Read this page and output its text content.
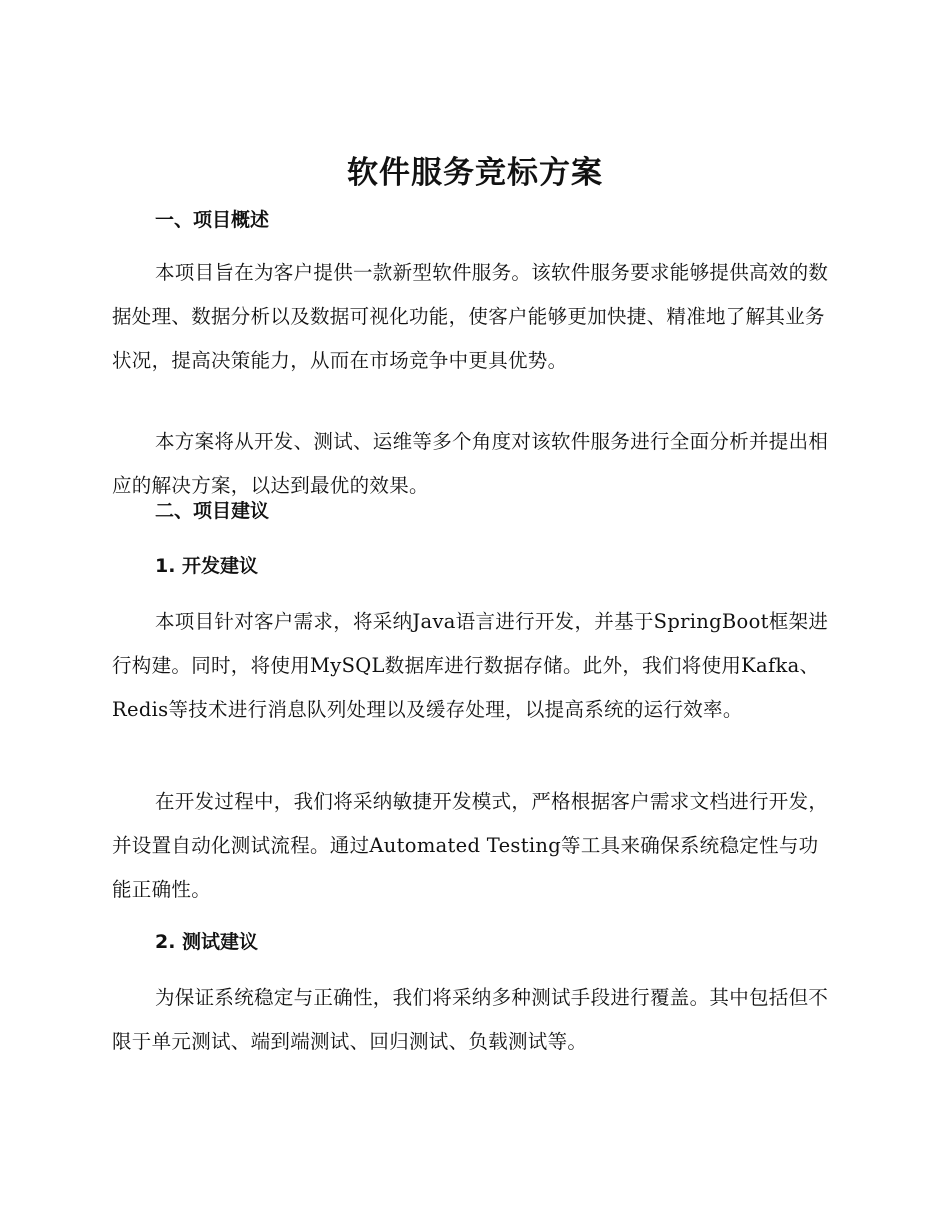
软件服务竞标方案
一、项目概述

本项目旨在为客户提供一款新型软件服务。该软件服务要求能够提供高效的数据处理、数据分析以及数据可视化功能，使客户能够更加快捷、精准地了解其业务状况，提高决策能力，从而在市场竞争中更具优势。

本方案将从开发、测试、运维等多个角度对该软件服务进行全面分析并提出相应的解决方案，以达到最优的效果。

二、项目建议
1. 开发建议

本项目针对客户需求，将采纳Java语言进行开发，并基于SpringBoot框架进行构建。同时，将使用MySQL数据库进行数据存储。此外，我们将使用Kafka、Redis等技术进行消息队列处理以及缓存处理，以提高系统的运行效率。

在开发过程中，我们将采纳敏捷开发模式，严格根据客户需求文档进行开发，并设置自动化测试流程。通过Automated Testing等工具来确保系统稳定性与功能正确性。

2. 测试建议

为保证系统稳定与正确性，我们将采纳多种测试手段进行覆盖。其中包括但不限于单元测试、端到端测试、回归测试、负载测试等。
